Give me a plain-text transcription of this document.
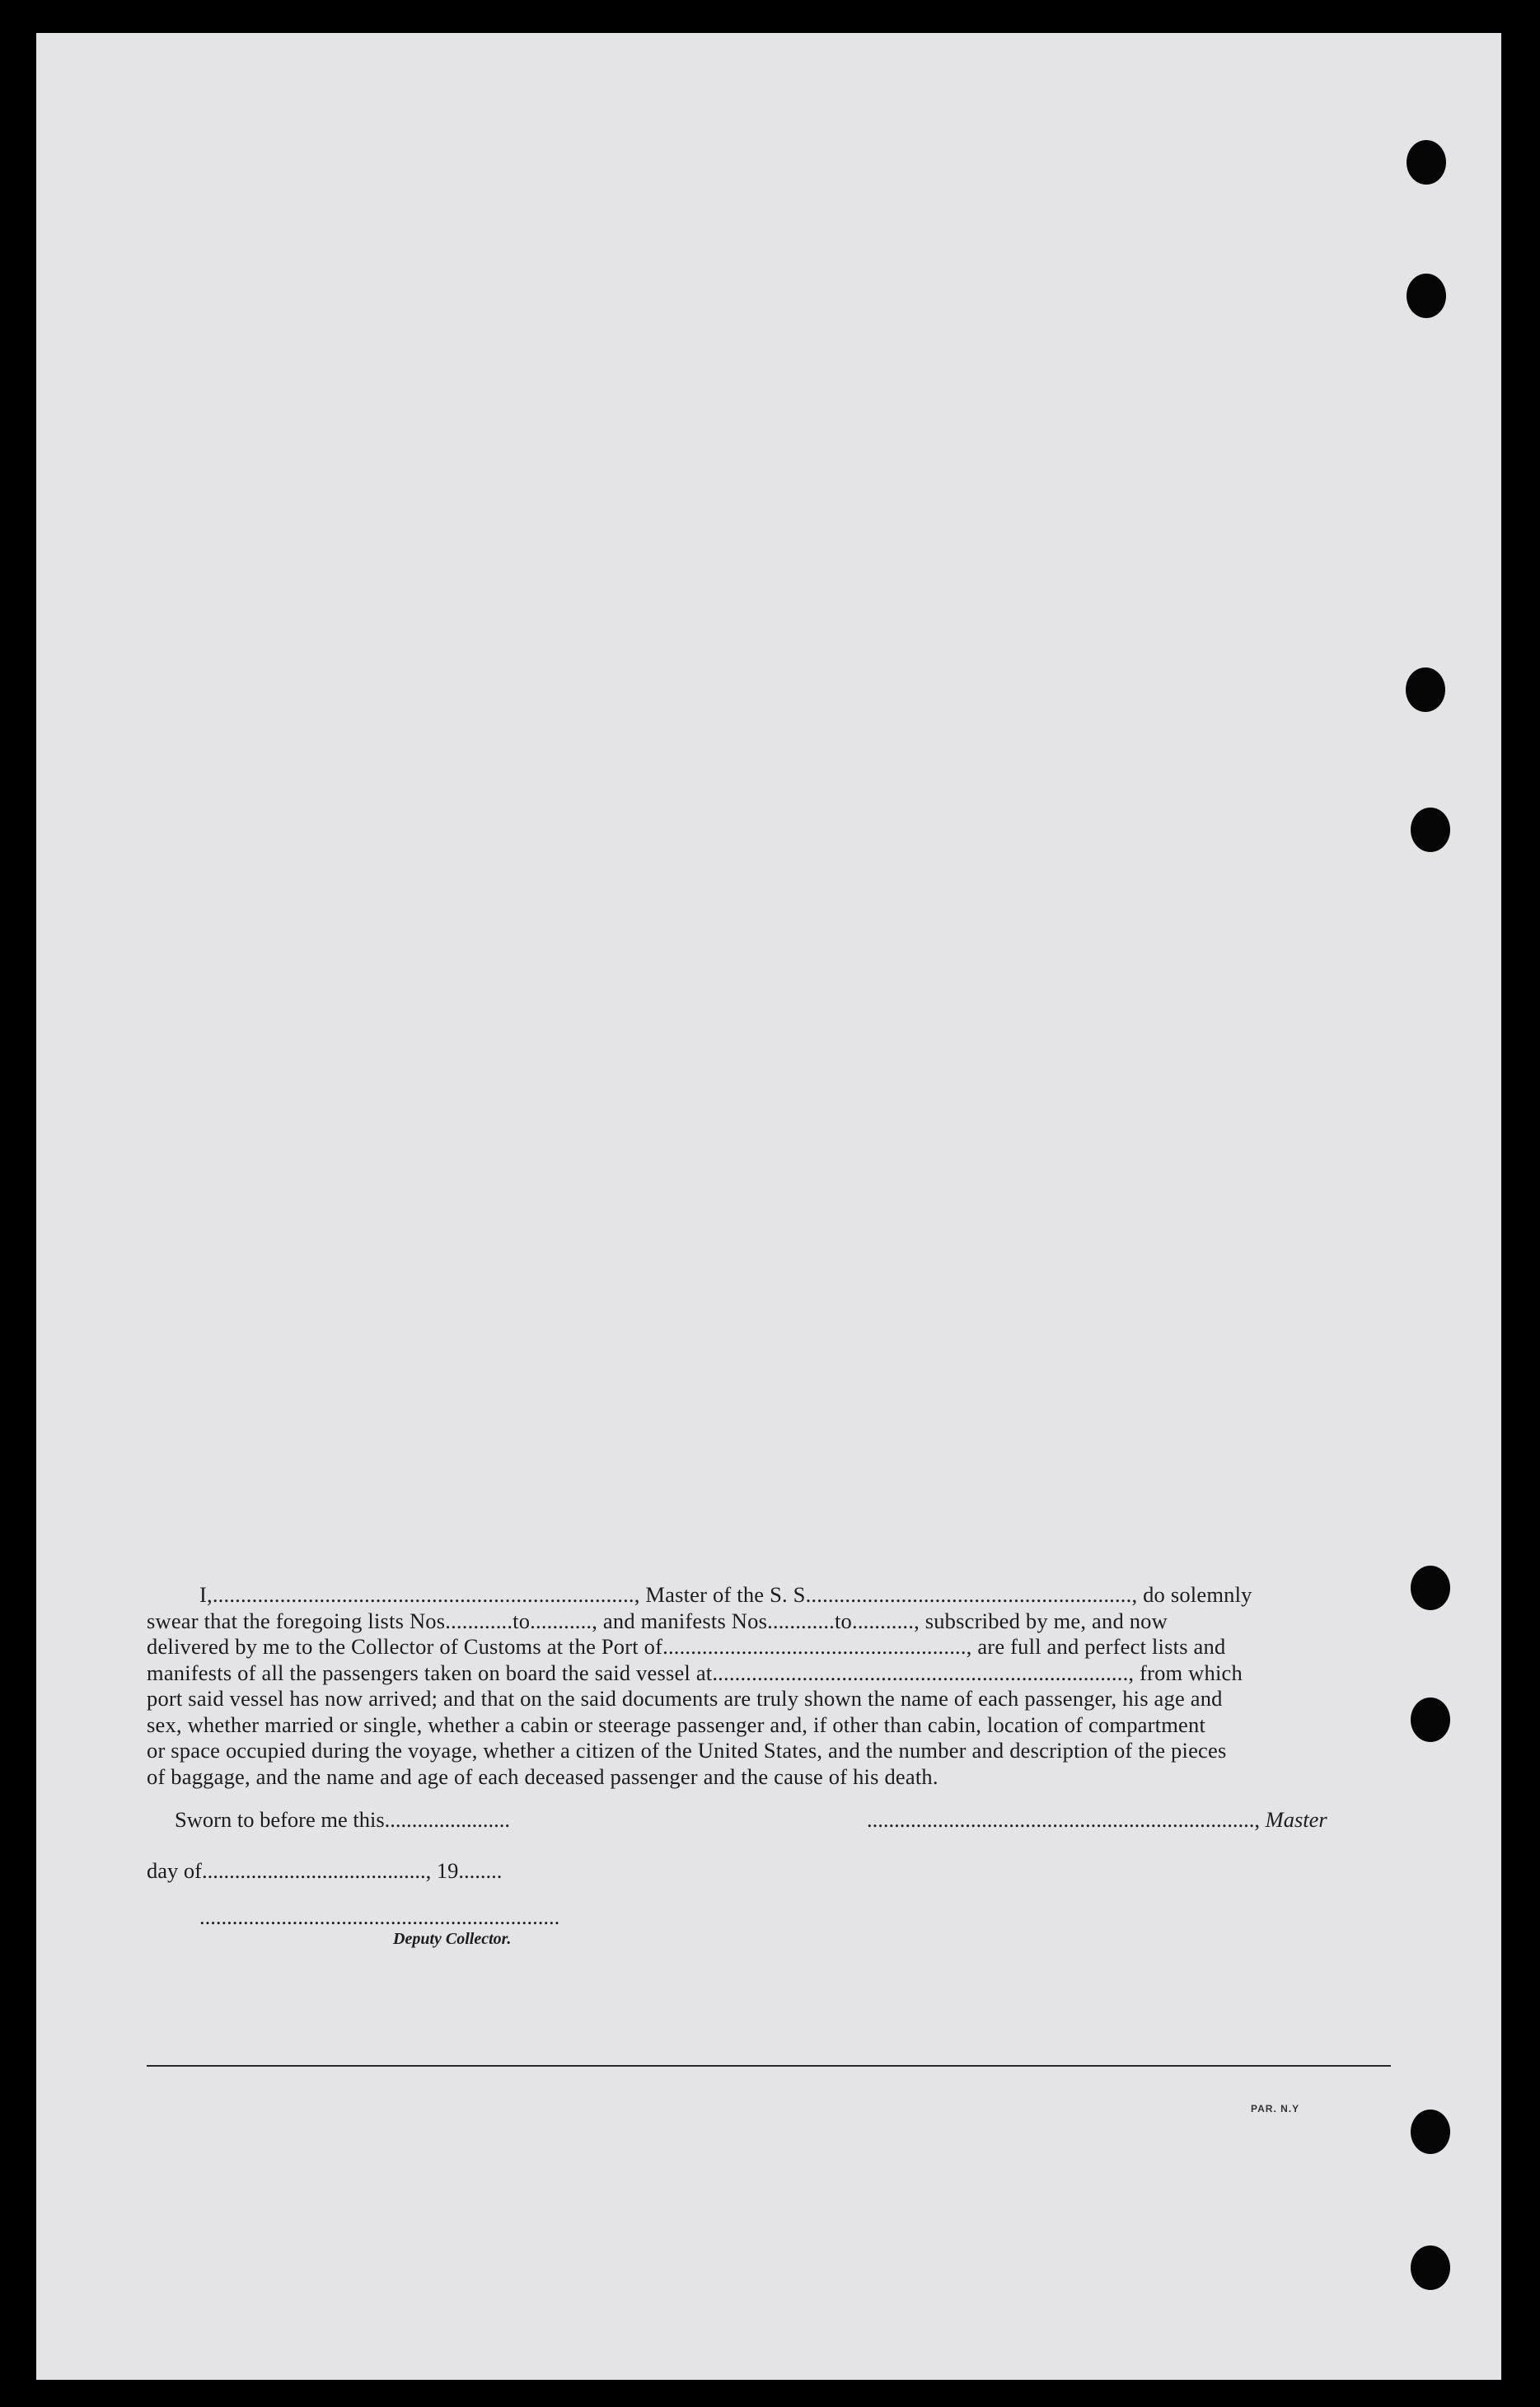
I,..........................................................................., Master of the S. S.........................................................., do solemnly

swear that the foregoing lists Nos............to..........., and manifests Nos............to..........., subscribed by me, and now

delivered by me to the Collector of Customs at the Port of......................................................, are full and perfect lists and

manifests of all the passengers taken on board the said vessel at.........................................................................., from which

port said vessel has now arrived; and that on the said documents are truly shown the name of each passenger, his age and

sex, whether married or single, whether a cabin or steerage passenger and, if other than cabin, location of compartment

or space occupied during the voyage, whether a citizen of the United States, and the number and description of the pieces

of baggage, and the name and age of each deceased passenger and the cause of his death.

Sworn to before me this.......................	......................................................................., Master
day of........................................., 19........
..................................................................
Deputy Collector.
PAR. N.Y
